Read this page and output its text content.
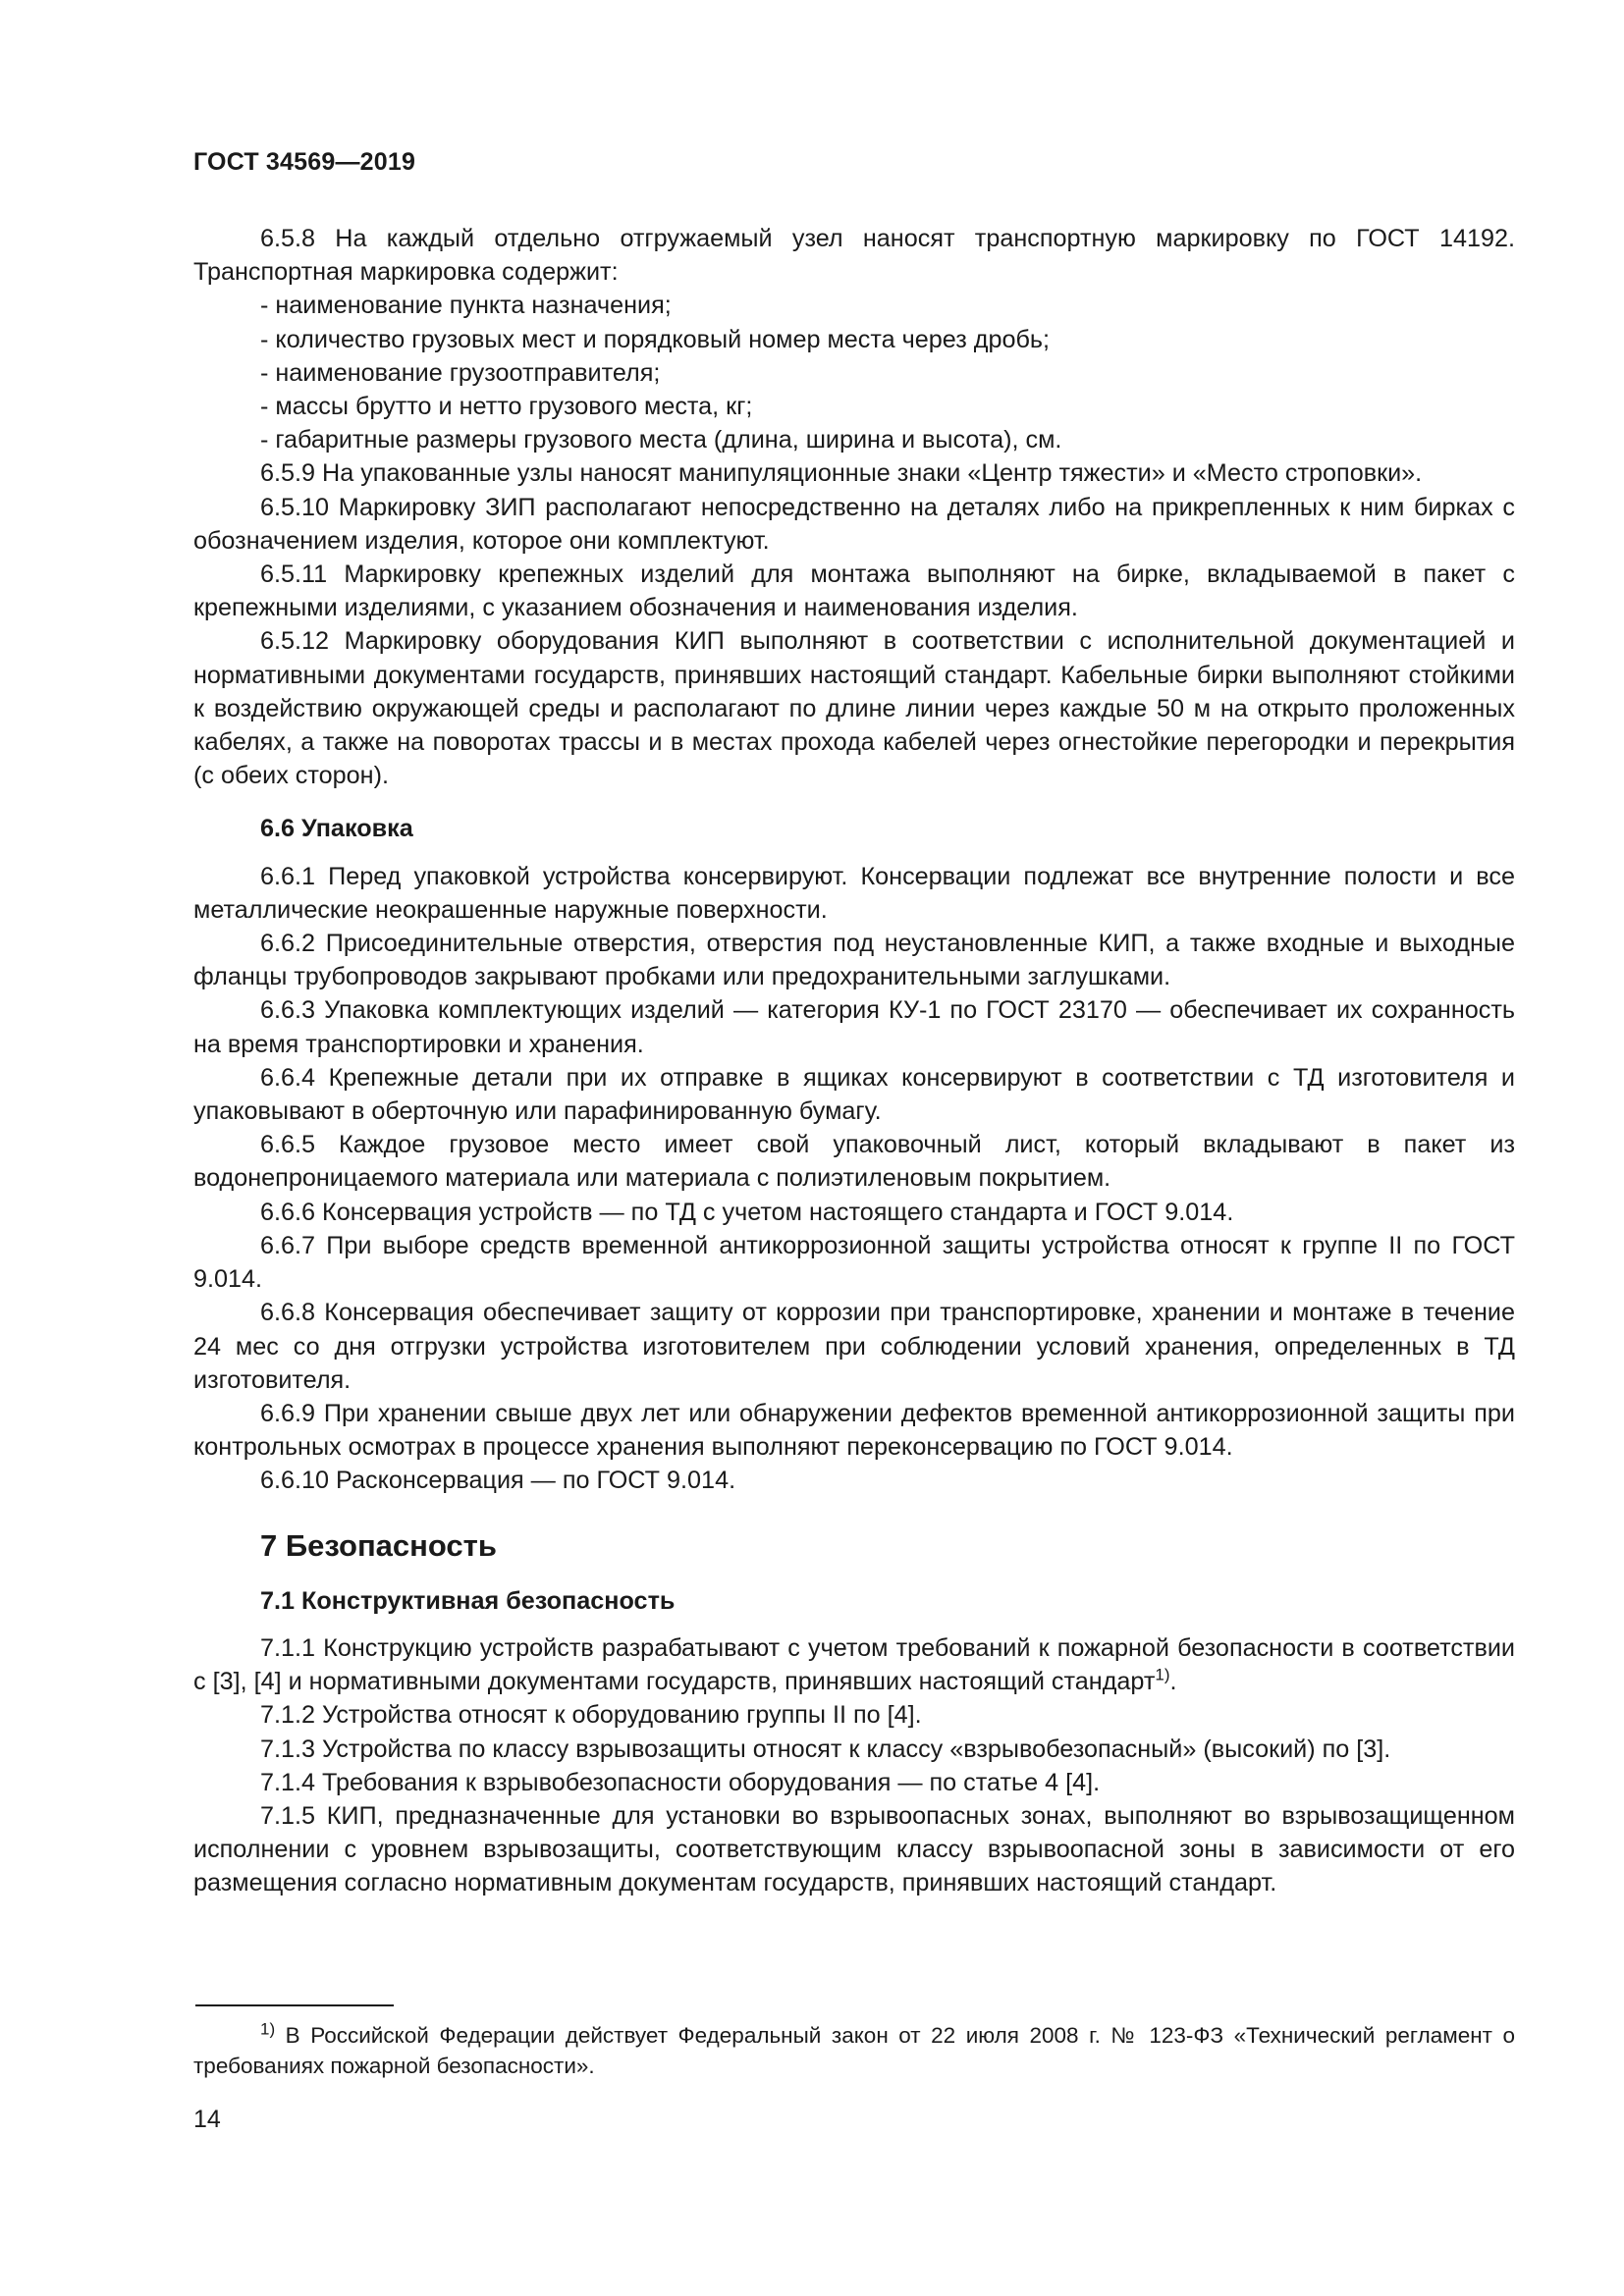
ГОСТ 34569—2019

6.5.8 На каждый отдельно отгружаемый узел наносят транспортную маркировку по ГОСТ 14192. Транспортная маркировка содержит:

- наименование пункта назначения;

- количество грузовых мест и порядковый номер места через дробь;

- наименование грузоотправителя;

- массы брутто и нетто грузового места, кг;

- габаритные размеры грузового места (длина, ширина и высота), см.

6.5.9 На упакованные узлы наносят манипуляционные знаки «Центр тяжести» и «Место строповки».

6.5.10 Маркировку ЗИП располагают непосредственно на деталях либо на прикрепленных к ним бирках с обозначением изделия, которое они комплектуют.

6.5.11 Маркировку крепежных изделий для монтажа выполняют на бирке, вкладываемой в пакет с крепежными изделиями, с указанием обозначения и наименования изделия.

6.5.12 Маркировку оборудования КИП выполняют в соответствии с исполнительной документацией и нормативными документами государств, принявших настоящий стандарт. Кабельные бирки выполняют стойкими к воздействию окружающей среды и располагают по длине линии через каждые 50 м на открыто проложенных кабелях, а также на поворотах трассы и в местах прохода кабелей через огнестойкие перегородки и перекрытия (с обеих сторон).

6.6 Упаковка

6.6.1 Перед упаковкой устройства консервируют. Консервации подлежат все внутренние полости и все металлические неокрашенные наружные поверхности.

6.6.2 Присоединительные отверстия, отверстия под неустановленные КИП, а также входные и выходные фланцы трубопроводов закрывают пробками или предохранительными заглушками.

6.6.3 Упаковка комплектующих изделий — категория КУ-1 по ГОСТ 23170 — обеспечивает их сохранность на время транспортировки и хранения.

6.6.4 Крепежные детали при их отправке в ящиках консервируют в соответствии с ТД изготовителя и упаковывают в оберточную или парафинированную бумагу.

6.6.5 Каждое грузовое место имеет свой упаковочный лист, который вкладывают в пакет из водонепроницаемого материала или материала с полиэтиленовым покрытием.

6.6.6 Консервация устройств — по ТД с учетом настоящего стандарта и ГОСТ 9.014.

6.6.7 При выборе средств временной антикоррозионной защиты устройства относят к группе II по ГОСТ 9.014.

6.6.8 Консервация обеспечивает защиту от коррозии при транспортировке, хранении и монтаже в течение 24 мес со дня отгрузки устройства изготовителем при соблюдении условий хранения, определенных в ТД изготовителя.

6.6.9 При хранении свыше двух лет или обнаружении дефектов временной антикоррозионной защиты при контрольных осмотрах в процессе хранения выполняют переконсервацию по ГОСТ 9.014.

6.6.10 Расконсервация — по ГОСТ 9.014.

7 Безопасность
7.1 Конструктивная безопасность

7.1.1 Конструкцию устройств разрабатывают с учетом требований к пожарной безопасности в соответствии с [3], [4] и нормативными документами государств, принявших настоящий стандарт$^{1)}$.

7.1.2 Устройства относят к оборудованию группы II по [4].

7.1.3 Устройства по классу взрывозащиты относят к классу «взрывобезопасный» (высокий) по [3].

7.1.4 Требования к взрывобезопасности оборудования — по статье 4 [4].

7.1.5 КИП, предназначенные для установки во взрывоопасных зонах, выполняют во взрывозащищенном исполнении с уровнем взрывозащиты, соответствующим классу взрывоопасной зоны в зависимости от его размещения согласно нормативным документам государств, принявших настоящий стандарт.

$^{1)}$ В Российской Федерации действует Федеральный закон от 22 июля 2008 г. № 123-ФЗ «Технический регламент о требованиях пожарной безопасности».

14
